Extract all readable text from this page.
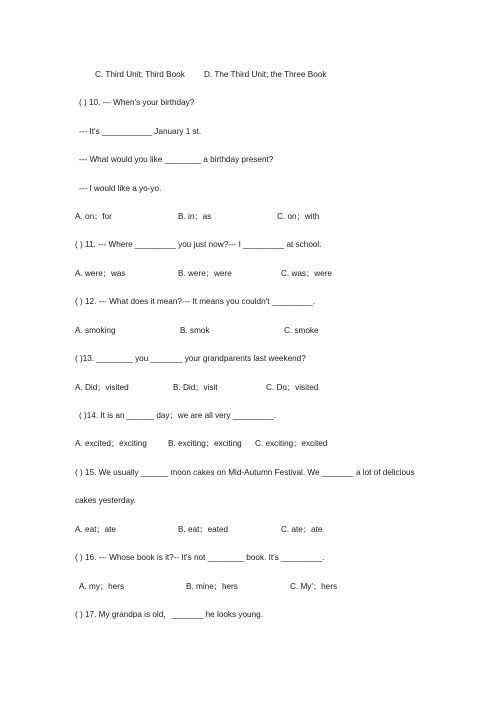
C. Third Unit; Third Book D. The Third Unit; the Three Book
( ) 10. --- When's your birthday?
--- It's ___________ January 1 st.
--- What would you like ________ a birthday present?
--- I would like a yo-yo.
A. on；for	B. in；as	C. on；with
( ) 11. --- Where _________ you just now?--- I _________ at school.
A. were；was	B. were；were	C. was；were
( ) 12. --- What does it mean?--- It means you couldn't _________.
A. smoking	B. smok	C. smoke
( )13. ________ you _______ your grandparents last weekend?
A. Did；visited	B. Did；visit	C. Do；visited
( )14. It is an ______ day；we are all very _________.
A. excited；exciting	B. exciting；exciting C. exciting；excited
( ) 15. We usually ______ moon cakes on Mid-Autumn Festival. We _______ a lot of delicious
cakes yesterday.
A. eat；ate	B. eat；eated	C. ate；ate
( ) 16. --- Whose book is it?-- It's not ________ book. It's _________.
A. my；hers	B. mine；hers	C. My'；hers
( ) 17. My grandpa is old，_______ he looks young.
